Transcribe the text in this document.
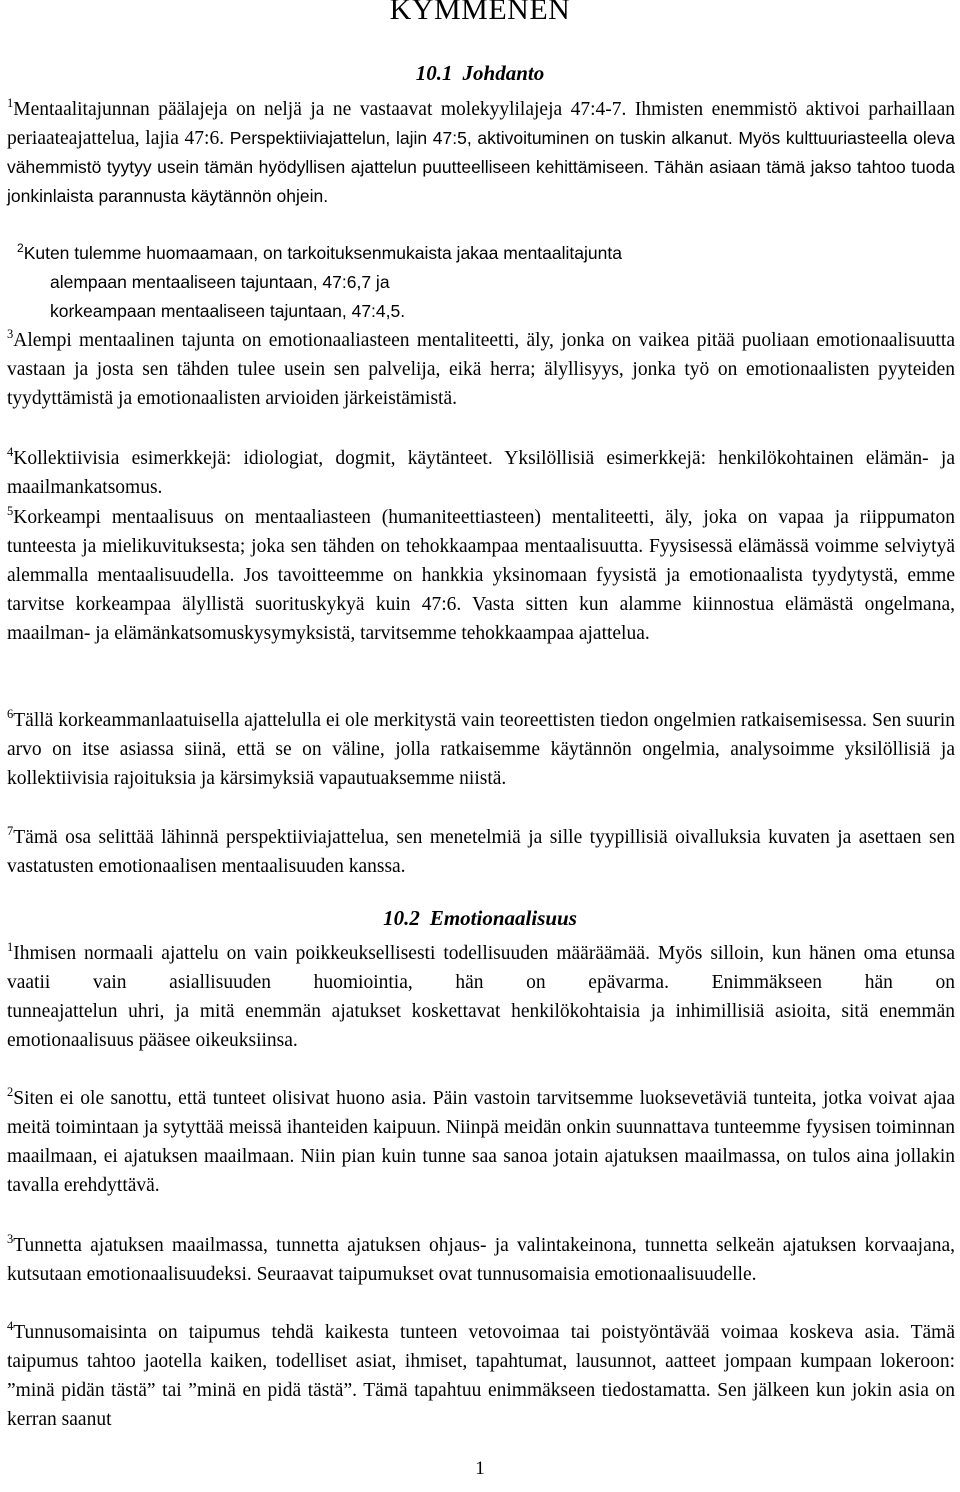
KYMMENEN
10.1 Johdanto
$^1$Mentaalitajunnan päälajeja on neljä ja ne vastaavat molekyylilajeja 47:4-7. Ihmisten enemmistö aktivoi parhaillaan periaateajattelua, lajia 47:6. Perspektiiviajattelun, lajin 47:5, aktivoituminen on tuskin alkanut. Myös kulttuuriasteella oleva vähemmistö tyytyy usein tämän hyödyllisen ajattelun puutteelliseen kehittämiseen. Tähän asiaan tämä jakso tahtoo tuoda jonkinlaista parannusta käytännön ohjein.
$^2$Kuten tulemme huomaamaan, on tarkoituksenmukaista jakaa mentaalitajunta
alempaan mentaaliseen tajuntaan, 47:6,7 ja
korkeampaan mentaaliseen tajuntaan, 47:4,5.
$^3$Alempi mentaalinen tajunta on emotionaaliasteen mentaliteetti, äly, jonka on vaikea pitää puoliaan emotionaalisuutta vastaan ja josta sen tähden tulee usein sen palvelija, eikä herra; älyllisyys, jonka työ on emotionaalisten pyyteiden tyydyttämistä ja emotionaalisten arvioiden järkeistämistä.
$^4$Kollektiivisia esimerkkejä: idiologiat, dogmit, käytänteet. Yksilöllisiä esimerkkejä: henkilökohtainen elämän- ja maailmankatsomus.
$^5$Korkeampi mentaalisuus on mentaaliasteen (humaniteettiasteen) mentaliteetti, äly, joka on vapaa ja riippumaton tunteesta ja mielikuvituksesta; joka sen tähden on tehokkaampaa mentaalisuutta. Fyysisessä elämässä voimme selviytyä alemmalla mentaalisuudella. Jos tavoitteemme on hankkia yksinomaan fyysistä ja emotionaalista tyydytystä, emme tarvitse korkeampaa älyllistä suorituskykyä kuin 47:6. Vasta sitten kun alamme kiinnostua elämästä ongelmana, maailman- ja elämänkatsomuskysymyksistä, tarvitsemme tehokkaampaa ajattelua.
$^6$Tällä korkeammanlaatuisella ajattelulla ei ole merkitystä vain teoreettisten tiedon ongelmien ratkaisemisessa. Sen suurin arvo on itse asiassa siinä, että se on väline, jolla ratkaisemme käytännön ongelmia, analysoimme yksilöllisiä ja kollektiivisia rajoituksia ja kärsimyksiä vapautuaksemme niistä.
$^7$Tämä osa selittää lähinnä perspektiiviajattelua, sen menetelmiä ja sille tyypillisiä oivalluksia kuvaten ja asettaen sen vastatusten emotionaalisen mentaalisuuden kanssa.
10.2 Emotionaalisuus
$^1$Ihmisen normaali ajattelu on vain poikkeuksellisesti todellisuuden määräämää. Myös silloin, kun hänen oma etunsa vaatii vain asiallisuuden huomiointia, hän on epävarma. Enimmäkseen hän on
tunneajattelun uhri, ja mitä enemmän ajatukset koskettavat henkilökohtaisia ja inhimillisiä asioita, sitä enemmän emotionaalisuus pääsee oikeuksiinsa.
$^2$Siten ei ole sanottu, että tunteet olisivat huono asia. Päin vastoin tarvitsemme luoksevetäviä tunteita, jotka voivat ajaa meitä toimintaan ja sytyttää meissä ihanteiden kaipuun. Niinpä meidän onkin suunnattava tunteemme fyysisen toiminnan maailmaan, ei ajatuksen maailmaan. Niin pian kuin tunne saa sanoa jotain ajatuksen maailmassa, on tulos aina jollakin tavalla erehdyttävä.
$^3$Tunnetta ajatuksen maailmassa, tunnetta ajatuksen ohjaus- ja valintakeinona, tunnetta selkeän ajatuksen korvaajana, kutsutaan emotionaalisuudeksi. Seuraavat taipumukset ovat tunnusomaisia emotionaalisuudelle.
$^4$Tunnusomaisinta on taipumus tehdä kaikesta tunteen vetovoimaa tai poistyöntävää voimaa koskeva asia. Tämä taipumus tahtoo jaotella kaiken, todelliset asiat, ihmiset, tapahtumat, lausunnot, aatteet jompaan kumpaan lokeroon: ”minä pidän tästä” tai ”minä en pidä tästä”. Tämä tapahtuu enimmäkseen tiedostamatta. Sen jälkeen kun jokin asia on kerran saanut
1
